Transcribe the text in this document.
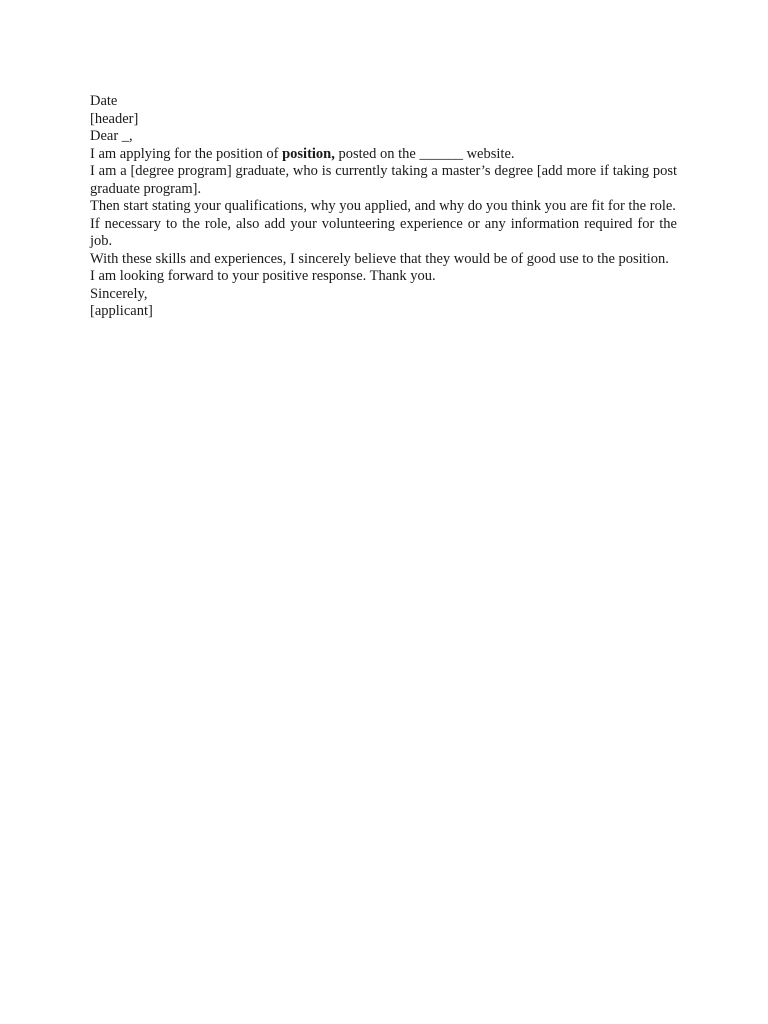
Date

[header]

Dear _,

I am applying for the position of position, posted on the ______ website.

I am a [degree program] graduate, who is currently taking a master’s degree [add more if taking post graduate program].

Then start stating your qualifications, why you applied, and why do you think you are fit for the role.

If necessary to the role, also add your volunteering experience or any information required for the job.

With these skills and experiences, I sincerely believe that they would be of good use to the position.

I am looking forward to your positive response. Thank you.

Sincerely,

[applicant]
